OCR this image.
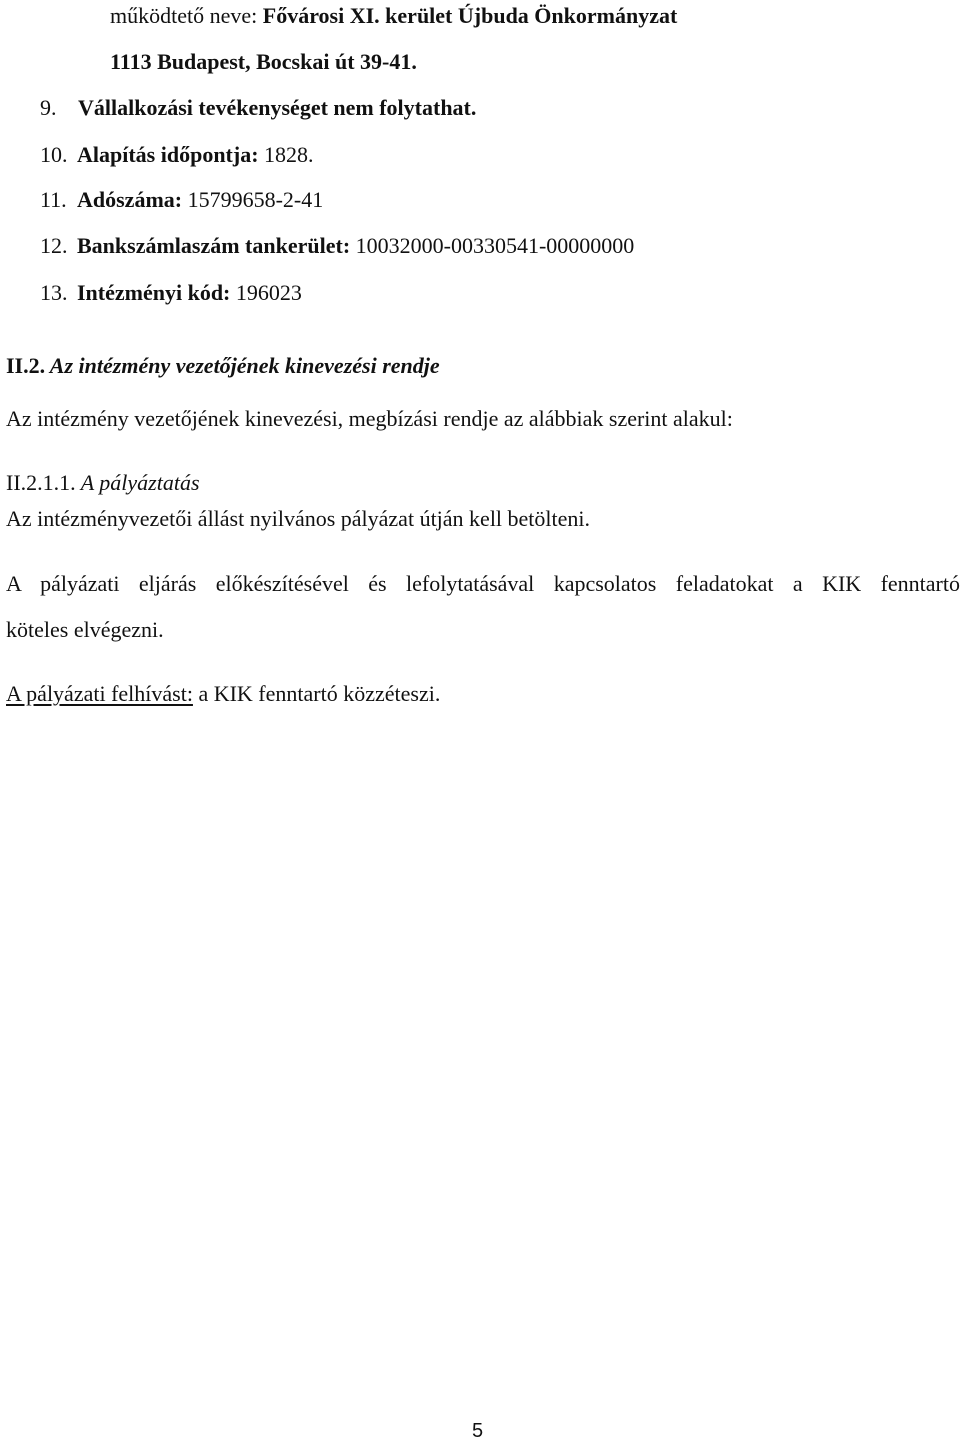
működtető neve: Fővárosi XI. kerület Újbuda Önkormányzat
1113 Budapest, Bocskai út 39-41.
9. Vállalkozási tevékenységet nem folytathat.
10. Alapítás időpontja: 1828.
11. Adószáma: 15799658-2-41
12. Bankszámlaszám tankerület: 10032000-00330541-00000000
13. Intézményi kód: 196023
II.2. Az intézmény vezetőjének kinevezési rendje
Az intézmény vezetőjének kinevezési, megbízási rendje az alábbiak szerint alakul:
II.2.1.1. A pályáztatás
Az intézményvezetői állást nyilvános pályázat útján kell betölteni.
A pályázati eljárás előkészítésével és lefolytatásával kapcsolatos feladatokat a KIK fenntartó
köteles elvégezni.
A pályázati felhívást: a KIK fenntartó közzéteszi.
5
